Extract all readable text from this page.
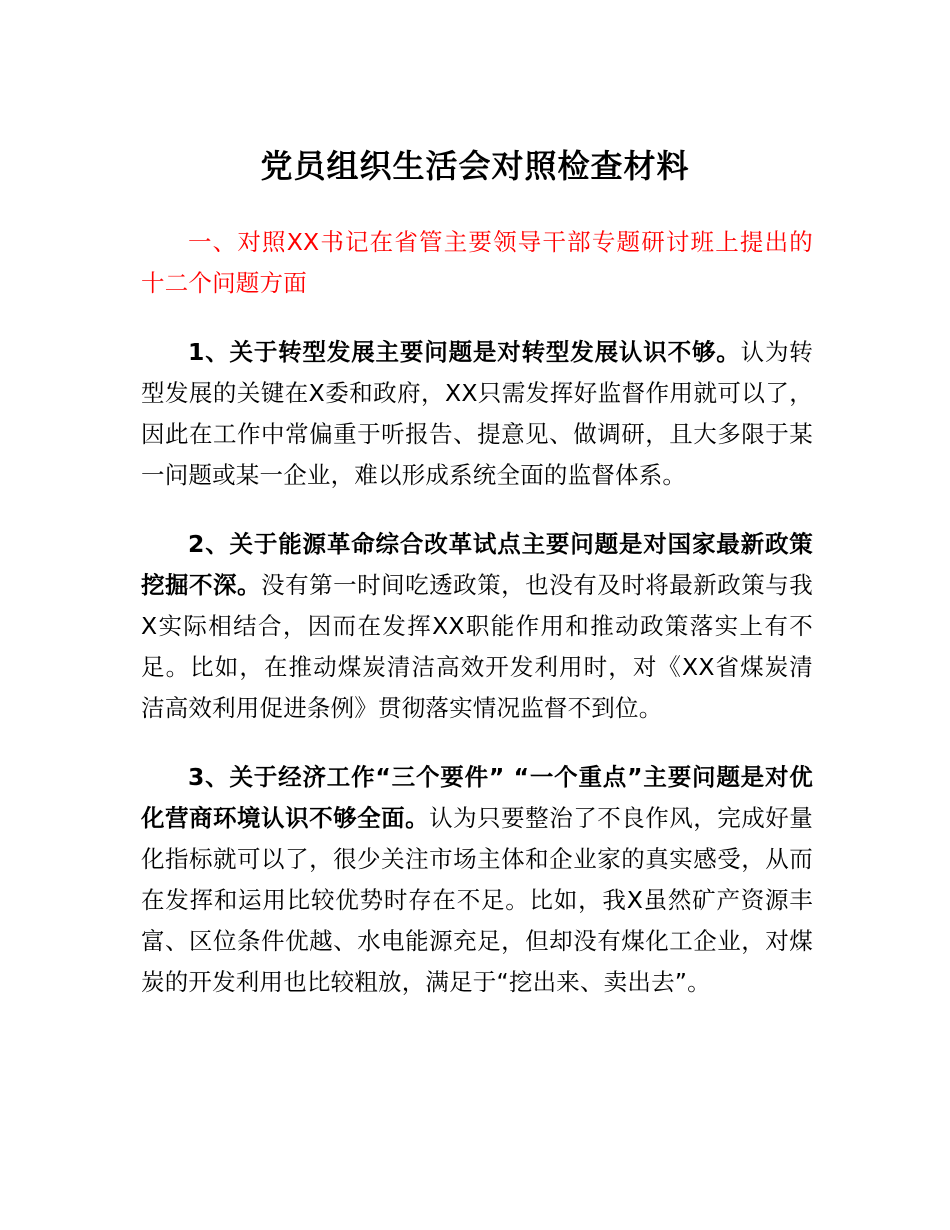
党员组织生活会对照检查材料

一、对照XX书记在省管主要领导干部专题研讨班上提出的十二个问题方面

1、关于转型发展主要问题是对转型发展认识不够。认为转型发展的关键在X委和政府，XX只需发挥好监督作用就可以了，因此在工作中常偏重于听报告、提意见、做调研，且大多限于某一问题或某一企业，难以形成系统全面的监督体系。

2、关于能源革命综合改革试点主要问题是对国家最新政策挖掘不深。没有第一时间吃透政策，也没有及时将最新政策与我X实际相结合，因而在发挥XX职能作用和推动政策落实上有不足。比如，在推动煤炭清洁高效开发利用时，对《XX省煤炭清洁高效利用促进条例》贯彻落实情况监督不到位。

3、关于经济工作“三个要件” “一个重点”主要问题是对优化营商环境认识不够全面。认为只要整治了不良作风，完成好量化指标就可以了，很少关注市场主体和企业家的真实感受，从而在发挥和运用比较优势时存在不足。比如，我X虽然矿产资源丰富、区位条件优越、水电能源充足，但却没有煤化工企业，对煤炭的开发利用也比较粗放，满足于“挖出来、卖出去”。
